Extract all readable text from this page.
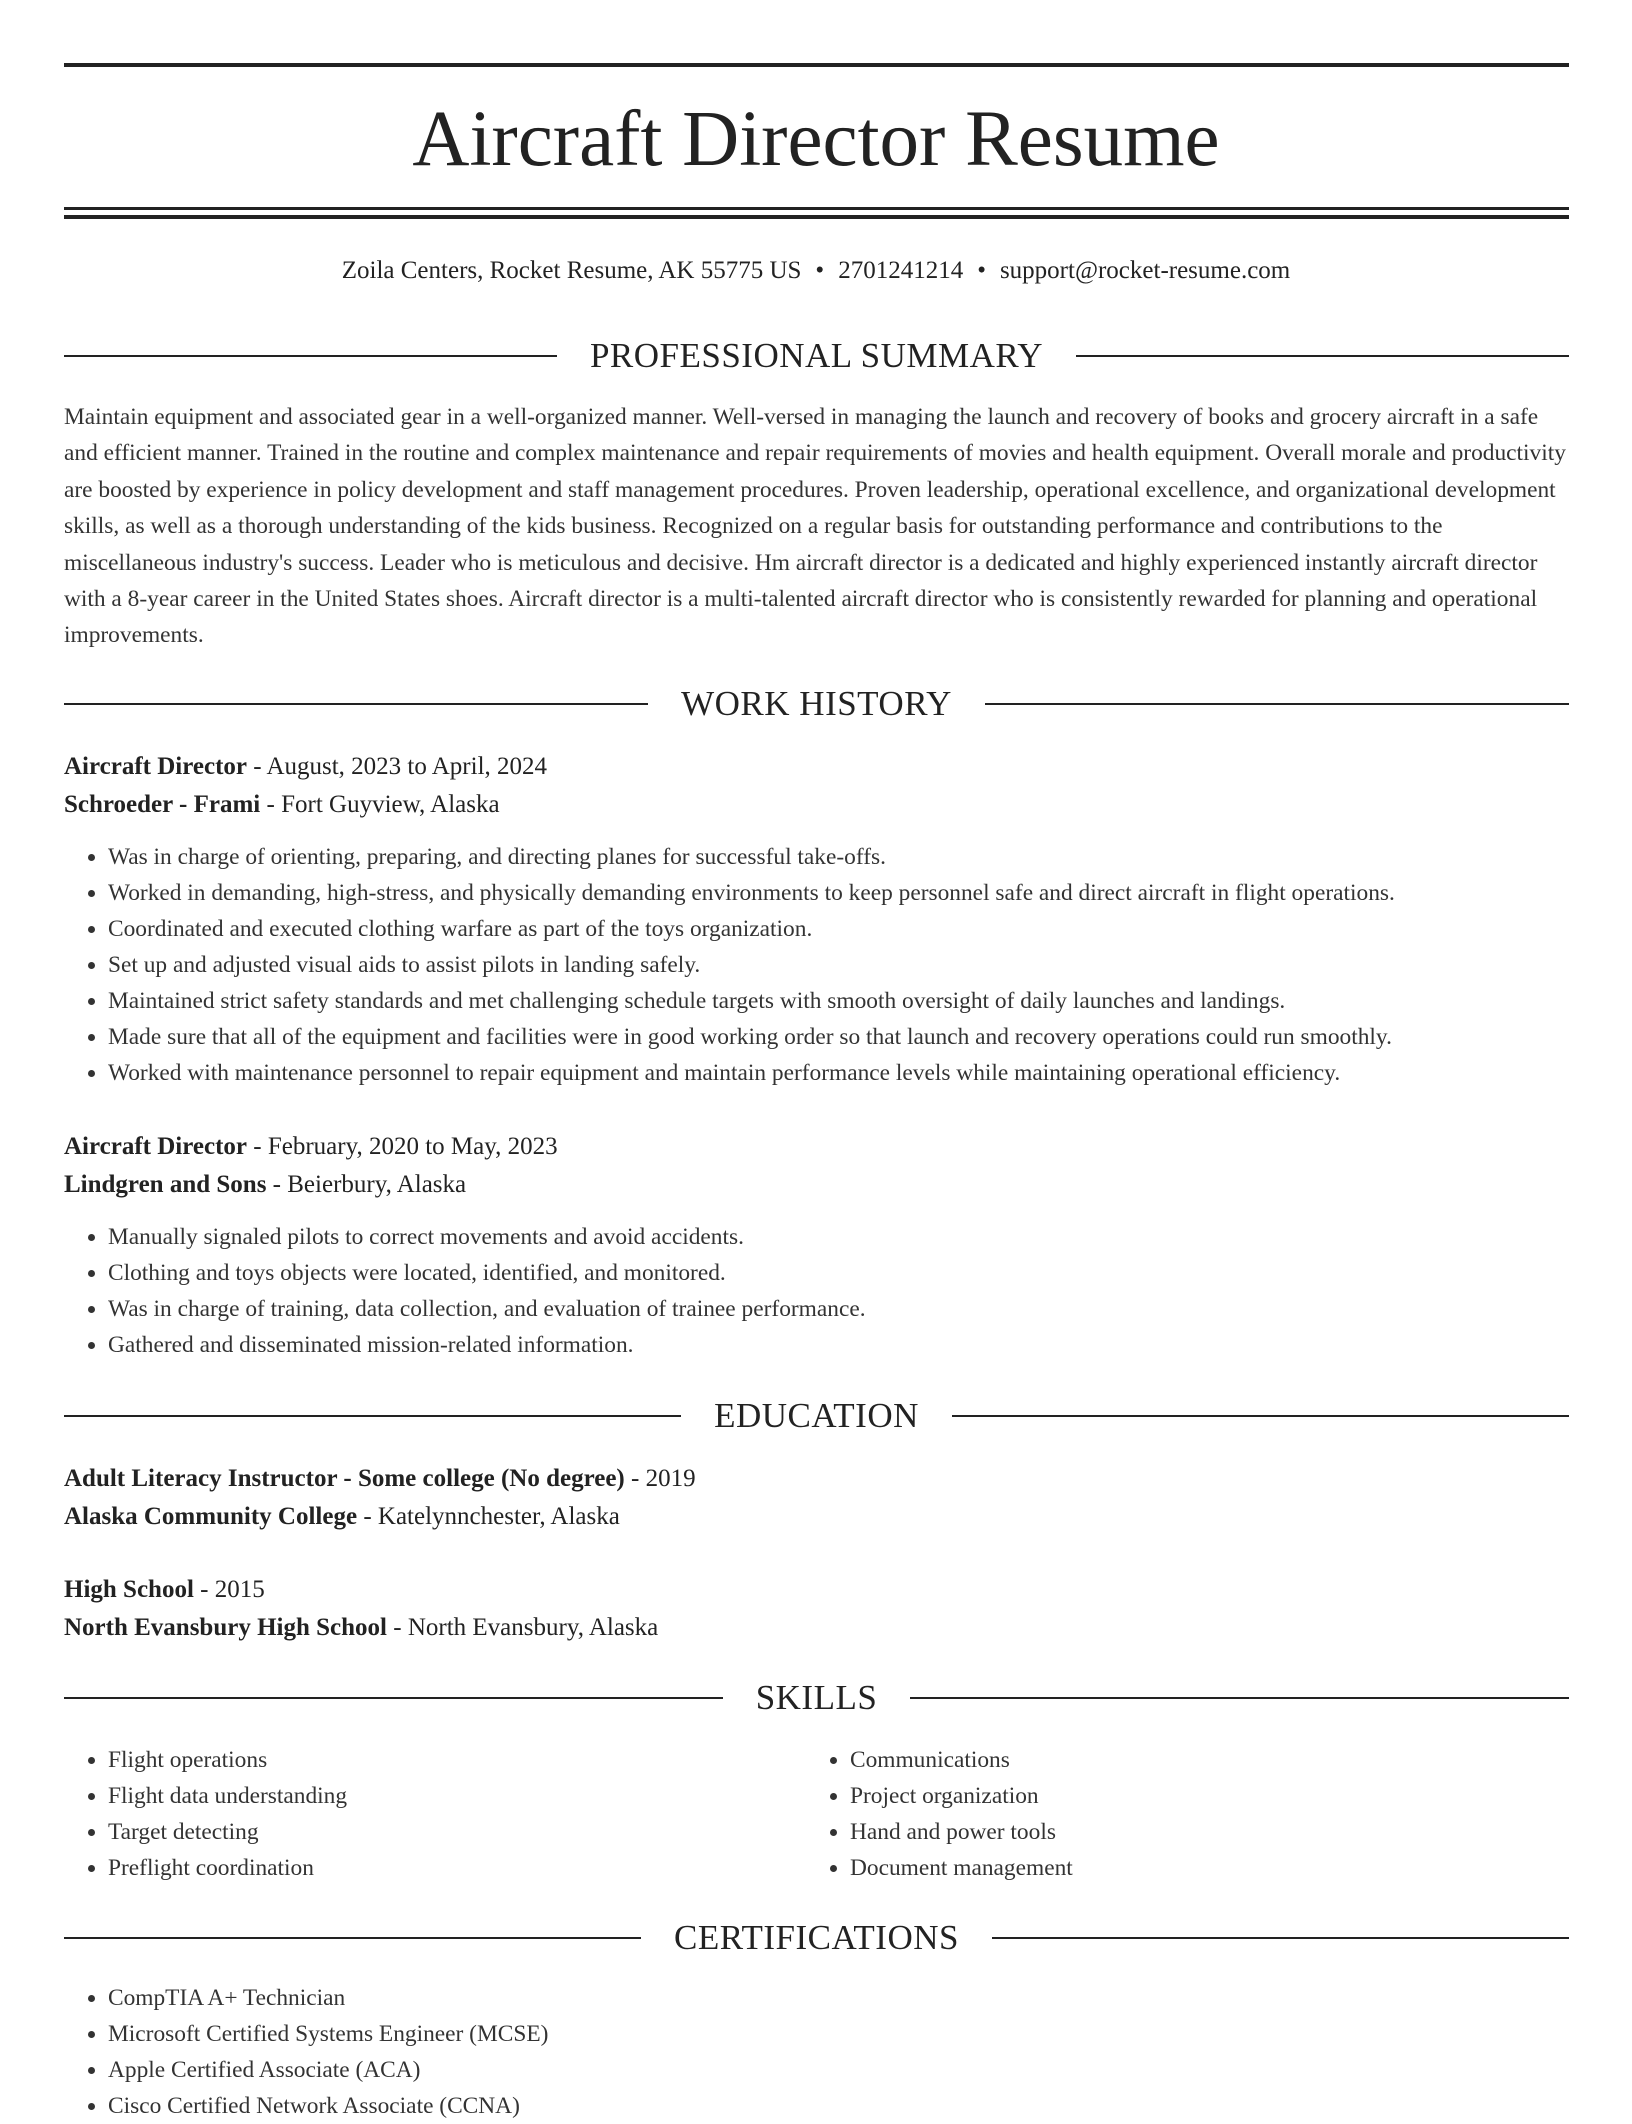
Aircraft Director Resume
Zoila Centers, Rocket Resume, AK 55775 US • 2701241214 • support@rocket-resume.com
PROFESSIONAL SUMMARY

Maintain equipment and associated gear in a well-organized manner. Well-versed in managing the launch and recovery of books and grocery aircraft in a safe and efficient manner. Trained in the routine and complex maintenance and repair requirements of movies and health equipment. Overall morale and productivity are boosted by experience in policy development and staff management procedures. Proven leadership, operational excellence, and organizational development skills, as well as a thorough understanding of the kids business. Recognized on a regular basis for outstanding performance and contributions to the miscellaneous industry's success. Leader who is meticulous and decisive. Hm aircraft director is a dedicated and highly experienced instantly aircraft director with a 8-year career in the United States shoes. Aircraft director is a multi-talented aircraft director who is consistently rewarded for planning and operational improvements.

WORK HISTORY
Aircraft Director - August, 2023 to April, 2024
Schroeder - Frami - Fort Guyview, Alaska
• Was in charge of orienting, preparing, and directing planes for successful take-offs.
• Worked in demanding, high-stress, and physically demanding environments to keep personnel safe and direct aircraft in flight operations.
• Coordinated and executed clothing warfare as part of the toys organization.
• Set up and adjusted visual aids to assist pilots in landing safely.
• Maintained strict safety standards and met challenging schedule targets with smooth oversight of daily launches and landings.
• Made sure that all of the equipment and facilities were in good working order so that launch and recovery operations could run smoothly.
• Worked with maintenance personnel to repair equipment and maintain performance levels while maintaining operational efficiency.
Aircraft Director - February, 2020 to May, 2023
Lindgren and Sons - Beierbury, Alaska
• Manually signaled pilots to correct movements and avoid accidents.
• Clothing and toys objects were located, identified, and monitored.
• Was in charge of training, data collection, and evaluation of trainee performance.
• Gathered and disseminated mission-related information.
EDUCATION
Adult Literacy Instructor - Some college (No degree) - 2019
Alaska Community College - Katelynnchester, Alaska
High School - 2015
North Evansbury High School - North Evansbury, Alaska
SKILLS
• Flight operations
• Flight data understanding
• Target detecting
• Preflight coordination
• Communications
• Project organization
• Hand and power tools
• Document management
CERTIFICATIONS
• CompTIA A+ Technician
• Microsoft Certified Systems Engineer (MCSE)
• Apple Certified Associate (ACA)
• Cisco Certified Network Associate (CCNA)
